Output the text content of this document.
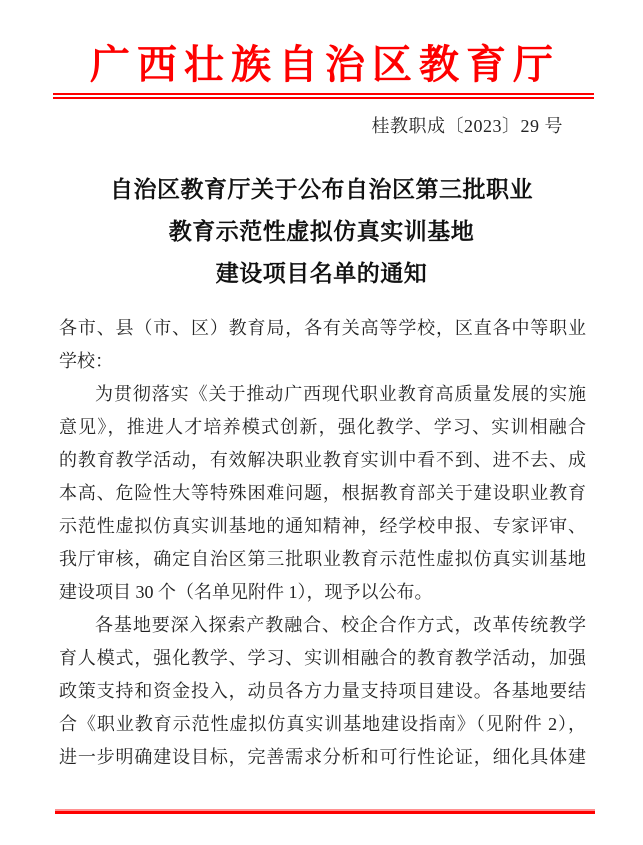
广西壮族自治区教育厅
桂教职成〔2023〕29 号
自治区教育厅关于公布自治区第三批职业
教育示范性虚拟仿真实训基地
建设项目名单的通知
各市、县（市、区）教育局，各有关高等学校，区直各中等职业
学校：
为贯彻落实《关于推动广西现代职业教育高质量发展的实施
意见》，推进人才培养模式创新，强化教学、学习、实训相融合
的教育教学活动，有效解决职业教育实训中看不到、进不去、成
本高、危险性大等特殊困难问题，根据教育部关于建设职业教育
示范性虚拟仿真实训基地的通知精神，经学校申报、专家评审、
我厅审核，确定自治区第三批职业教育示范性虚拟仿真实训基地
建设项目 30 个（名单见附件 1），现予以公布。
各基地要深入探索产教融合、校企合作方式，改革传统教学
育人模式，强化教学、学习、实训相融合的教育教学活动，加强
政策支持和资金投入，动员各方力量支持项目建设。各基地要结
合《职业教育示范性虚拟仿真实训基地建设指南》（见附件 2），
进一步明确建设目标，完善需求分析和可行性论证，细化具体建
